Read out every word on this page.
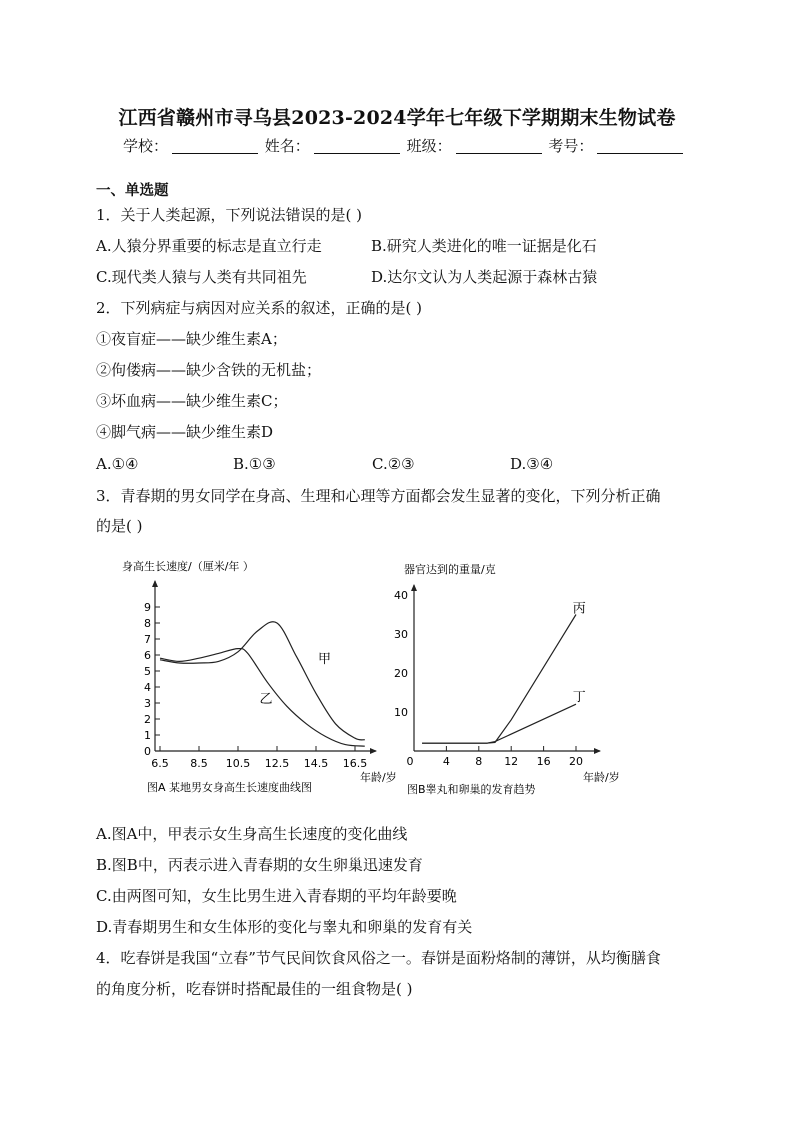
江西省赣州市寻乌县2023-2024学年七年级下学期期末生物试卷
学校：	姓名：	班级：	考号：
一、单选题
1．关于人类起源，下列说法错误的是( )
A.人猿分界重要的标志是直立行走	B.研究人类进化的唯一证据是化石
C.现代类人猿与人类有共同祖先	D.达尔文认为人类起源于森林古猿
2．下列病症与病因对应关系的叙述，正确的是( )
①夜盲症——缺少维生素A；
②佝偻病——缺少含铁的无机盐；
③坏血病——缺少维生素C；
④脚气病——缺少维生素D
A.①④	B.①③	C.②③	D.③④
3．青春期的男女同学在身高、生理和心理等方面都会发生显著的变化，下列分析正确
的是( )
身高生长速度/（厘米/年 ）
0
1
2
3
4
5
6
7
8
9
6.5 8.5 10.5 12.5 14.5 16.5
甲
乙
年龄/岁
图A 某地男女身高生长速度曲线图
器官达到的重量/克
10
20
30
40
0	4 8 12 16 20
丙
丁
年龄/岁
图B睾丸和卵巢的发育趋势
A.图A中，甲表示女生身高生长速度的变化曲线
B.图B中，丙表示进入青春期的女生卵巢迅速发育
C.由两图可知，女生比男生进入青春期的平均年龄要晚
D.青春期男生和女生体形的变化与睾丸和卵巢的发育有关
4．吃春饼是我国“立春”节气民间饮食风俗之一。春饼是面粉烙制的薄饼，从均衡膳食
的角度分析，吃春饼时搭配最佳的一组食物是( )
